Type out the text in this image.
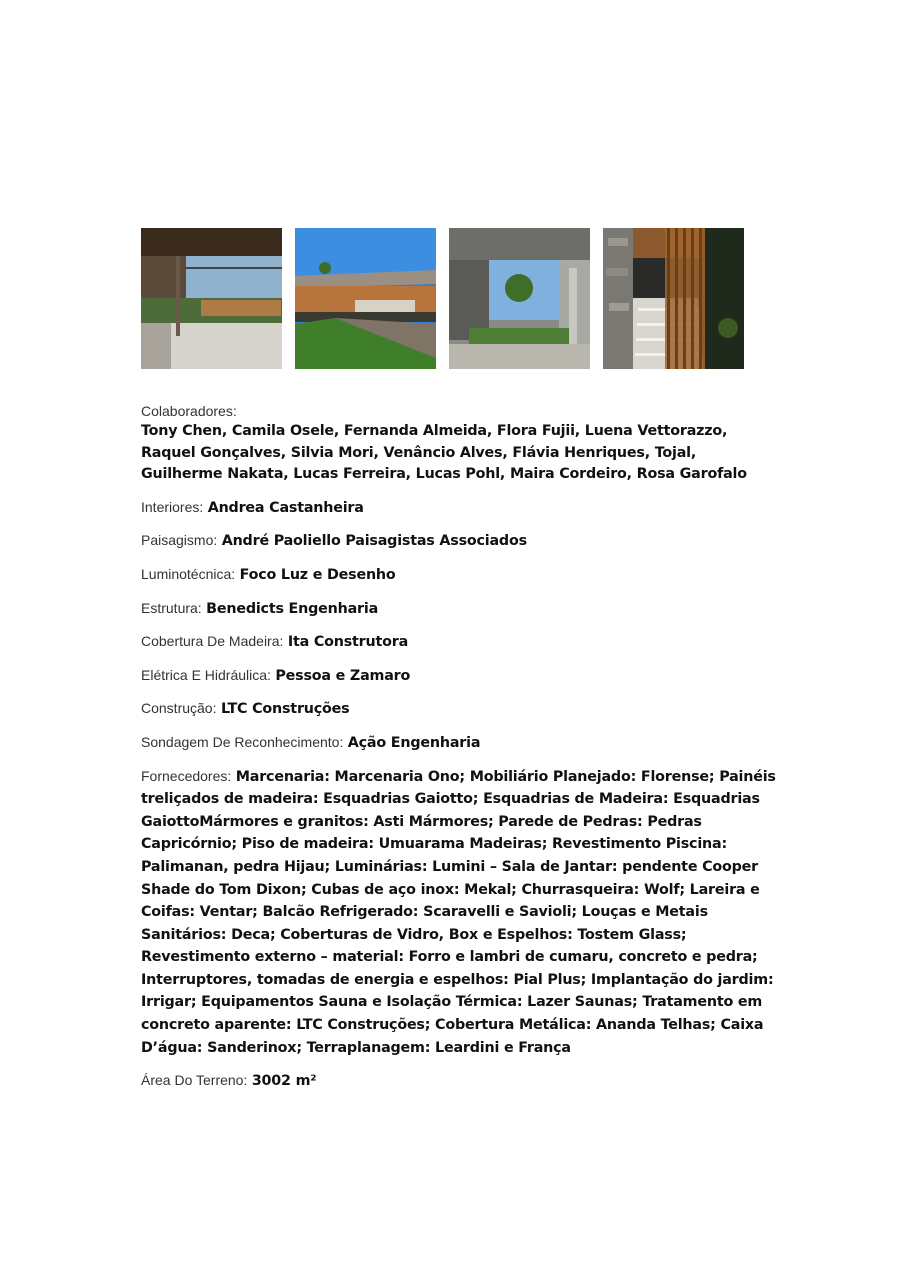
Colaboradores:
Tony Chen, Camila Osele, Fernanda Almeida, Flora Fujii, Luena Vettorazzo, Raquel Gonçalves, Silvia Mori, Venâncio Alves, Flávia Henriques, Tojal, Guilherme Nakata, Lucas Ferreira, Lucas Pohl, Maira Cordeiro, Rosa Garofalo
Interiores: Andrea Castanheira
Paisagismo: André Paoliello Paisagistas Associados
Luminotécnica: Foco Luz e Desenho
Estrutura: Benedicts Engenharia
Cobertura De Madeira: Ita Construtora
Elétrica E Hidráulica: Pessoa e Zamaro
Construção: LTC Construções
Sondagem De Reconhecimento: Ação Engenharia
Fornecedores: Marcenaria: Marcenaria Ono; Mobiliário Planejado: Florense; Painéis treliçados de madeira: Esquadrias Gaiotto; Esquadrias de Madeira: Esquadrias GaiottoMármores e granitos: Asti Mármores; Parede de Pedras: Pedras Capricórnio; Piso de madeira: Umuarama Madeiras; Revestimento Piscina: Palimanan, pedra Hijau; Luminárias: Lumini – Sala de Jantar: pendente Cooper Shade do Tom Dixon; Cubas de aço inox: Mekal; Churrasqueira: Wolf; Lareira e Coifas: Ventar; Balcão Refrigerado: Scaravelli e Savioli; Louças e Metais Sanitários: Deca; Coberturas de Vidro, Box e Espelhos: Tostem Glass; Revestimento externo – material: Forro e lambri de cumaru, concreto e pedra; Interruptores, tomadas de energia e espelhos: Pial Plus; Implantação do jardim: Irrigar; Equipamentos Sauna e Isolação Térmica: Lazer Saunas; Tratamento em concreto aparente: LTC Construções; Cobertura Metálica: Ananda Telhas; Caixa D’água: Sanderinox; Terraplanagem: Leardini e França
Área Do Terreno: 3002 m²
